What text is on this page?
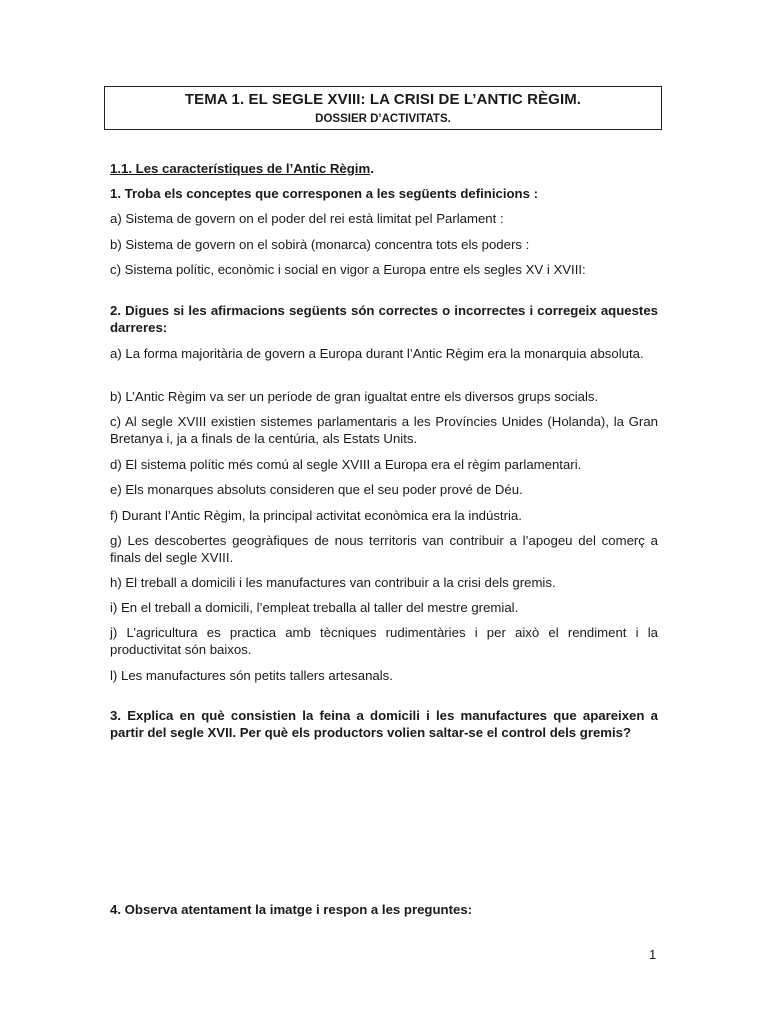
TEMA 1. EL SEGLE XVIII: LA CRISI DE L’ANTIC RÈGIM.
DOSSIER D’ACTIVITATS.
1.1. Les característiques de l’Antic Règim.
1. Troba els conceptes que corresponen a les següents definicions :
a) Sistema de govern on el poder del rei està limitat pel Parlament :
b) Sistema de govern on el sobirà (monarca) concentra tots els poders :
c) Sistema polític, econòmic i social en vigor a Europa entre els segles XV i XVIII:
2. Digues si les afirmacions següents són correctes o incorrectes i corregeix aquestes darreres:
a) La forma majoritària de govern a Europa durant l’Antic Règim era la monarquia absoluta.
b) L’Antic Règim va ser un període de gran igualtat entre els diversos grups socials.
c) Al segle XVIII existien sistemes parlamentaris a les Províncies Unides (Holanda), la Gran Bretanya i, ja a finals de la centúria, als Estats Units.
d) El sistema polític més comú al segle XVIII a Europa era el règim parlamentari.
e) Els monarques absoluts consideren que el seu poder prové de Déu.
f) Durant l’Antic Règim, la principal activitat econòmica era la indústria.
g) Les descobertes geogràfiques de nous territoris van contribuir a l’apogeu del comerç a finals del segle XVIII.
h) El treball a domicili i les manufactures van contribuir a la crisi dels gremis.
i) En el treball a domicili, l’empleat treballa al taller del mestre gremial.
j) L’agricultura es practica amb tècniques rudimentàries i per això el rendiment i la productivitat són baixos.
l) Les manufactures són petits tallers artesanals.
3. Explica en què consistien la feina a domicili i les manufactures que apareixen a partir del segle XVII. Per què els productors volien saltar-se el control dels gremis?
4. Observa atentament la imatge i respon a les preguntes:
1
